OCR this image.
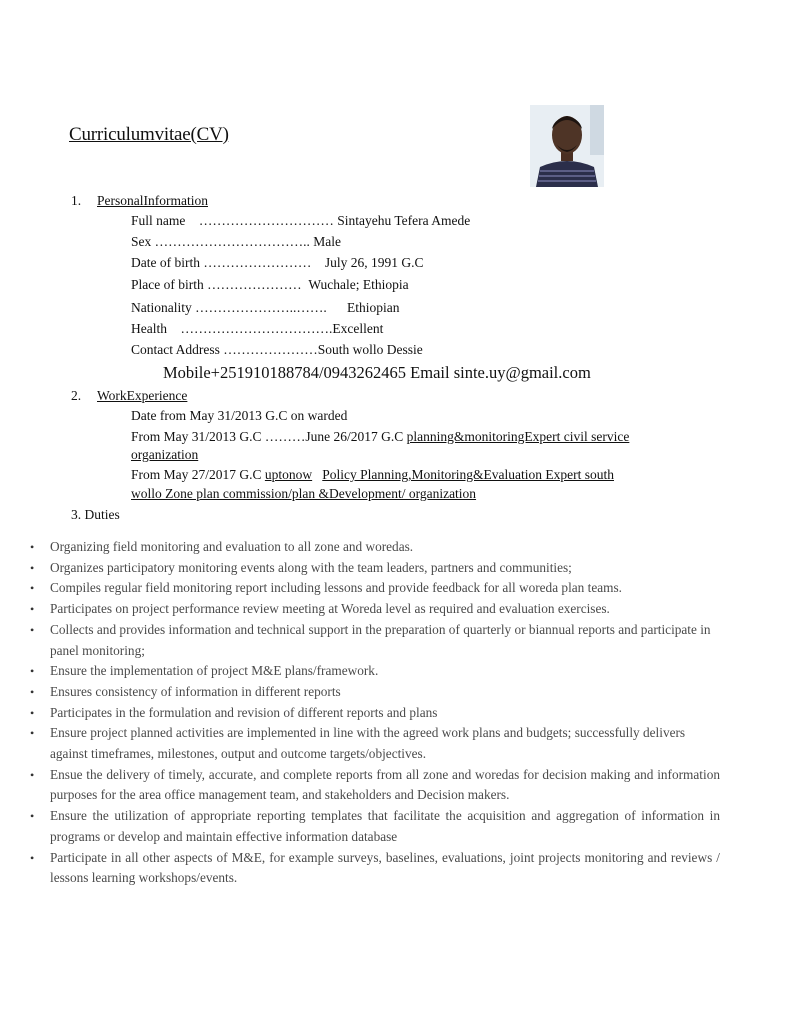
Curriculumvitae(CV)
1. PersonalInformation
Full name ………………………… Sintayehu Tefera Amede
Sex …………………………….. Male
Date of birth …………………… July 26, 1991 G.C
Place of birth ………………… Wuchale; Ethiopia
Nationality …………………..……. Ethiopian
Health …………………………….Excellent
Contact Address …………………South wollo Dessie
Mobile+251910188784/0943262465 Email sinte.uy@gmail.com
2. WorkExperience
Date from May 31/2013 G.C on warded
From May 31/2013 G.C ………June 26/2017 G.C planning&monitoringExpert civil service
organization
From May 27/2017 G.C uptonow Policy Planning,Monitoring&Evaluation Expert south
wollo Zone plan commission/plan &Development/ organization
3. Duties
• Organizing field monitoring and evaluation to all zone and woredas.
• Organizes participatory monitoring events along with the team leaders, partners and communities;
• Compiles regular field monitoring report including lessons and provide feedback for all woreda plan teams.
• Participates on project performance review meeting at Woreda level as required and evaluation exercises.
• Collects and provides information and technical support in the preparation of quarterly or biannual reports and participate in panel monitoring;
• Ensure the implementation of project M&E plans/framework.
• Ensures consistency of information in different reports
• Participates in the formulation and revision of different reports and plans
• Ensure project planned activities are implemented in line with the agreed work plans and budgets; successfully delivers against timeframes, milestones, output and outcome targets/objectives.
• Ensue the delivery of timely, accurate, and complete reports from all zone and woredas for decision making and information purposes for the area office management team, and stakeholders and Decision makers.
• Ensure the utilization of appropriate reporting templates that facilitate the acquisition and aggregation of information in programs or develop and maintain effective information database
• Participate in all other aspects of M&E, for example surveys, baselines, evaluations, joint projects monitoring and reviews / lessons learning workshops/events.
